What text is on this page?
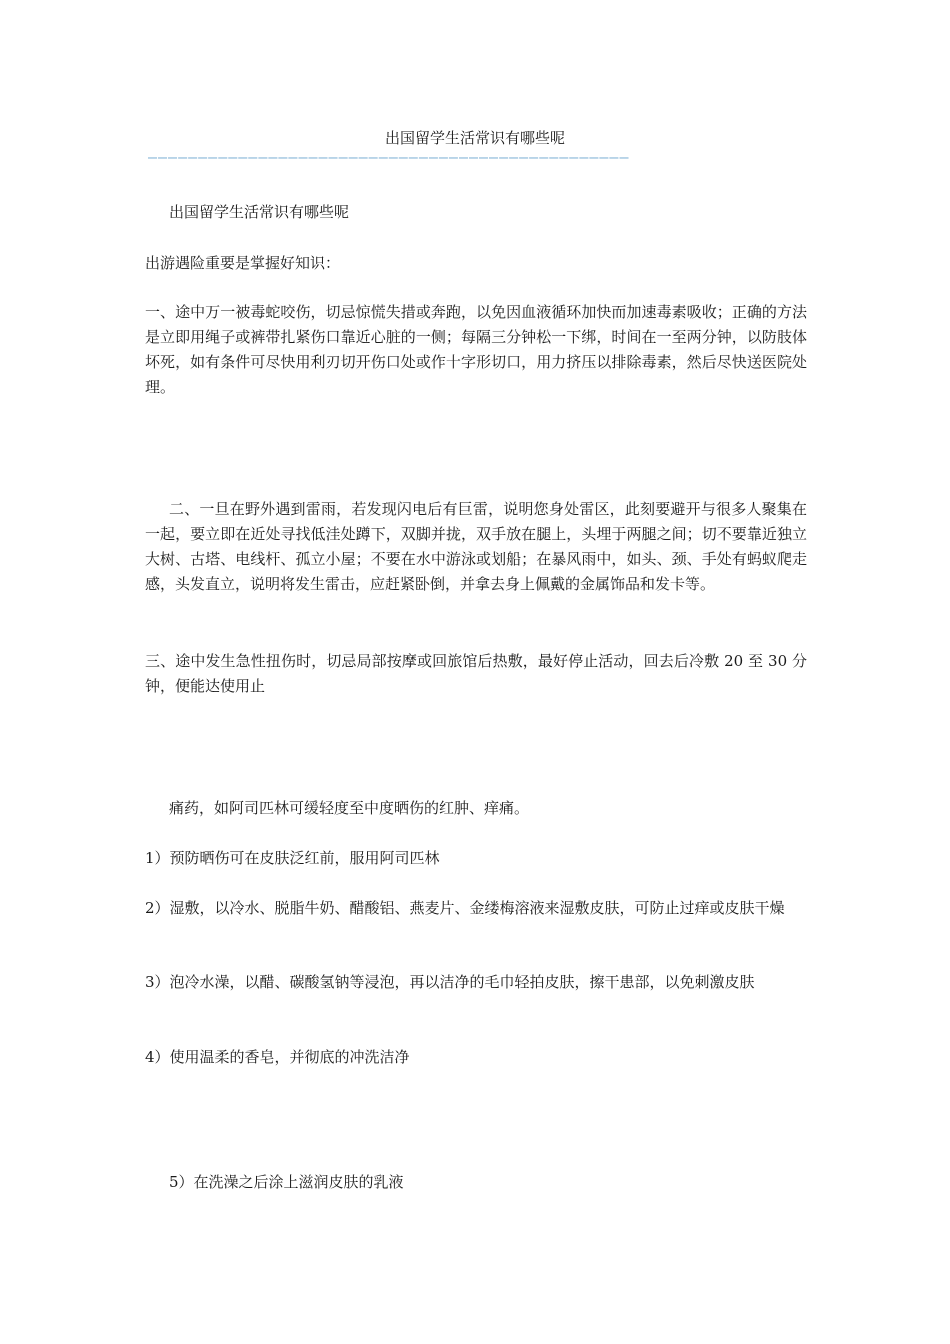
出国留学生活常识有哪些呢
————————————————————————————————————————————————
出国留学生活常识有哪些呢
出游遇险重要是掌握好知识：
一、途中万一被毒蛇咬伤，切忌惊慌失措或奔跑，以免因血液循环加快而加速毒素吸收；正确的方法是立即用绳子或裤带扎紧伤口靠近心脏的一侧；每隔三分钟松一下绑，时间在一至两分钟，以防肢体坏死，如有条件可尽快用利刃切开伤口处或作十字形切口，用力挤压以排除毒素，然后尽快送医院处理。
二、一旦在野外遇到雷雨，若发现闪电后有巨雷，说明您身处雷区，此刻要避开与很多人聚集在一起，要立即在近处寻找低洼处蹲下，双脚并拢，双手放在腿上，头埋于两腿之间；切不要靠近独立大树、古塔、电线杆、孤立小屋；不要在水中游泳或划船；在暴风雨中，如头、颈、手处有蚂蚁爬走感，头发直立，说明将发生雷击，应赶紧卧倒，并拿去身上佩戴的金属饰品和发卡等。
三、途中发生急性扭伤时，切忌局部按摩或回旅馆后热敷，最好停止活动，回去后冷敷 20 至 30 分钟，便能达使用止
痛药，如阿司匹林可缓轻度至中度晒伤的红肿、痒痛。
1）预防晒伤可在皮肤泛红前，服用阿司匹林
2）湿敷，以冷水、脱脂牛奶、醋酸铝、燕麦片、金缕梅溶液来湿敷皮肤，可防止过痒或皮肤干燥
3）泡冷水澡，以醋、碳酸氢钠等浸泡，再以洁净的毛巾轻拍皮肤，擦干患部，以免刺激皮肤
4）使用温柔的香皂，并彻底的冲洗洁净
5）在洗澡之后涂上滋润皮肤的乳液
